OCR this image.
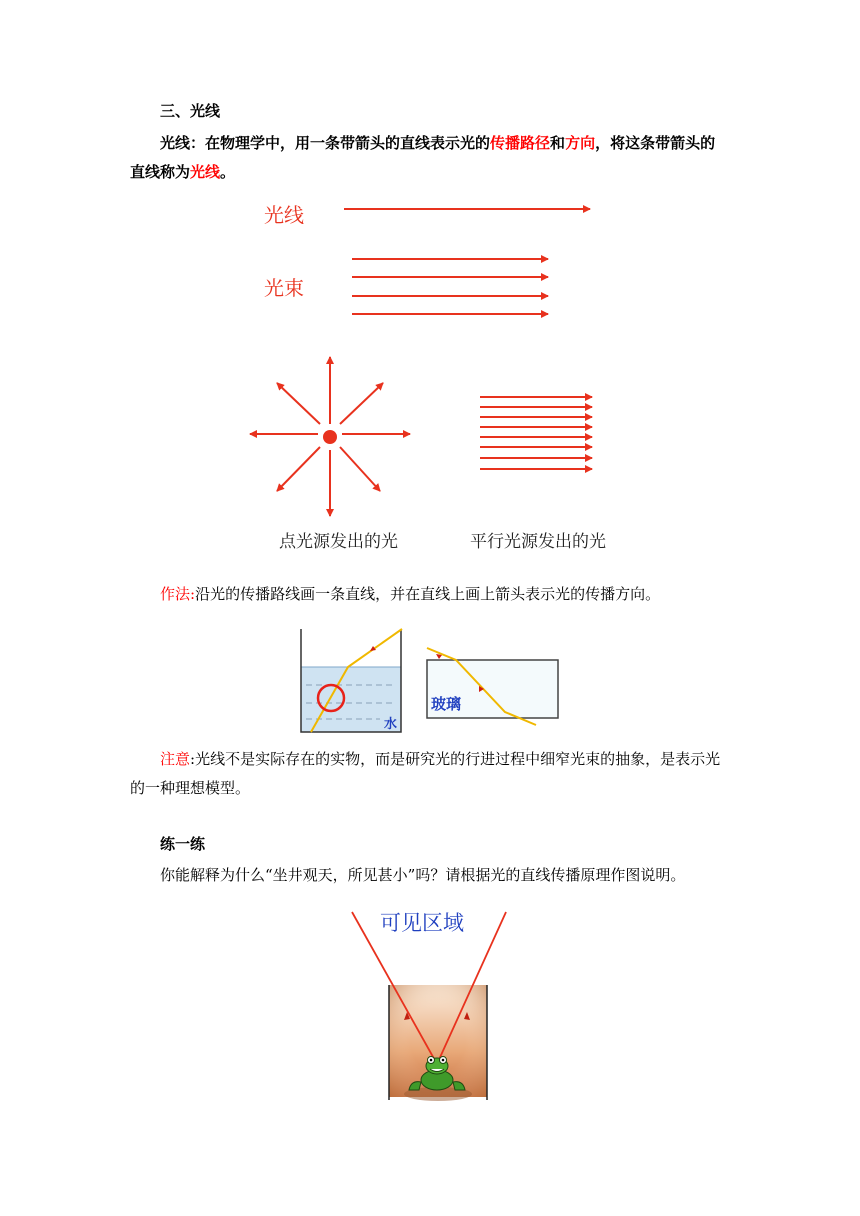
三、光线
光线：在物理学中，用一条带箭头的直线表示光的传播路径和方向，将这条带箭头的
直线称为光线。
光线
光束
点光源发出的光	平行光源发出的光
作法:沿光的传播路线画一条直线，并在直线上画上箭头表示光的传播方向。
水
玻璃
注意:光线不是实际存在的实物，而是研究光的行进过程中细窄光束的抽象，是表示光
的一种理想模型。
练一练
你能解释为什么“坐井观天，所见甚小”吗？请根据光的直线传播原理作图说明。
可见区域
